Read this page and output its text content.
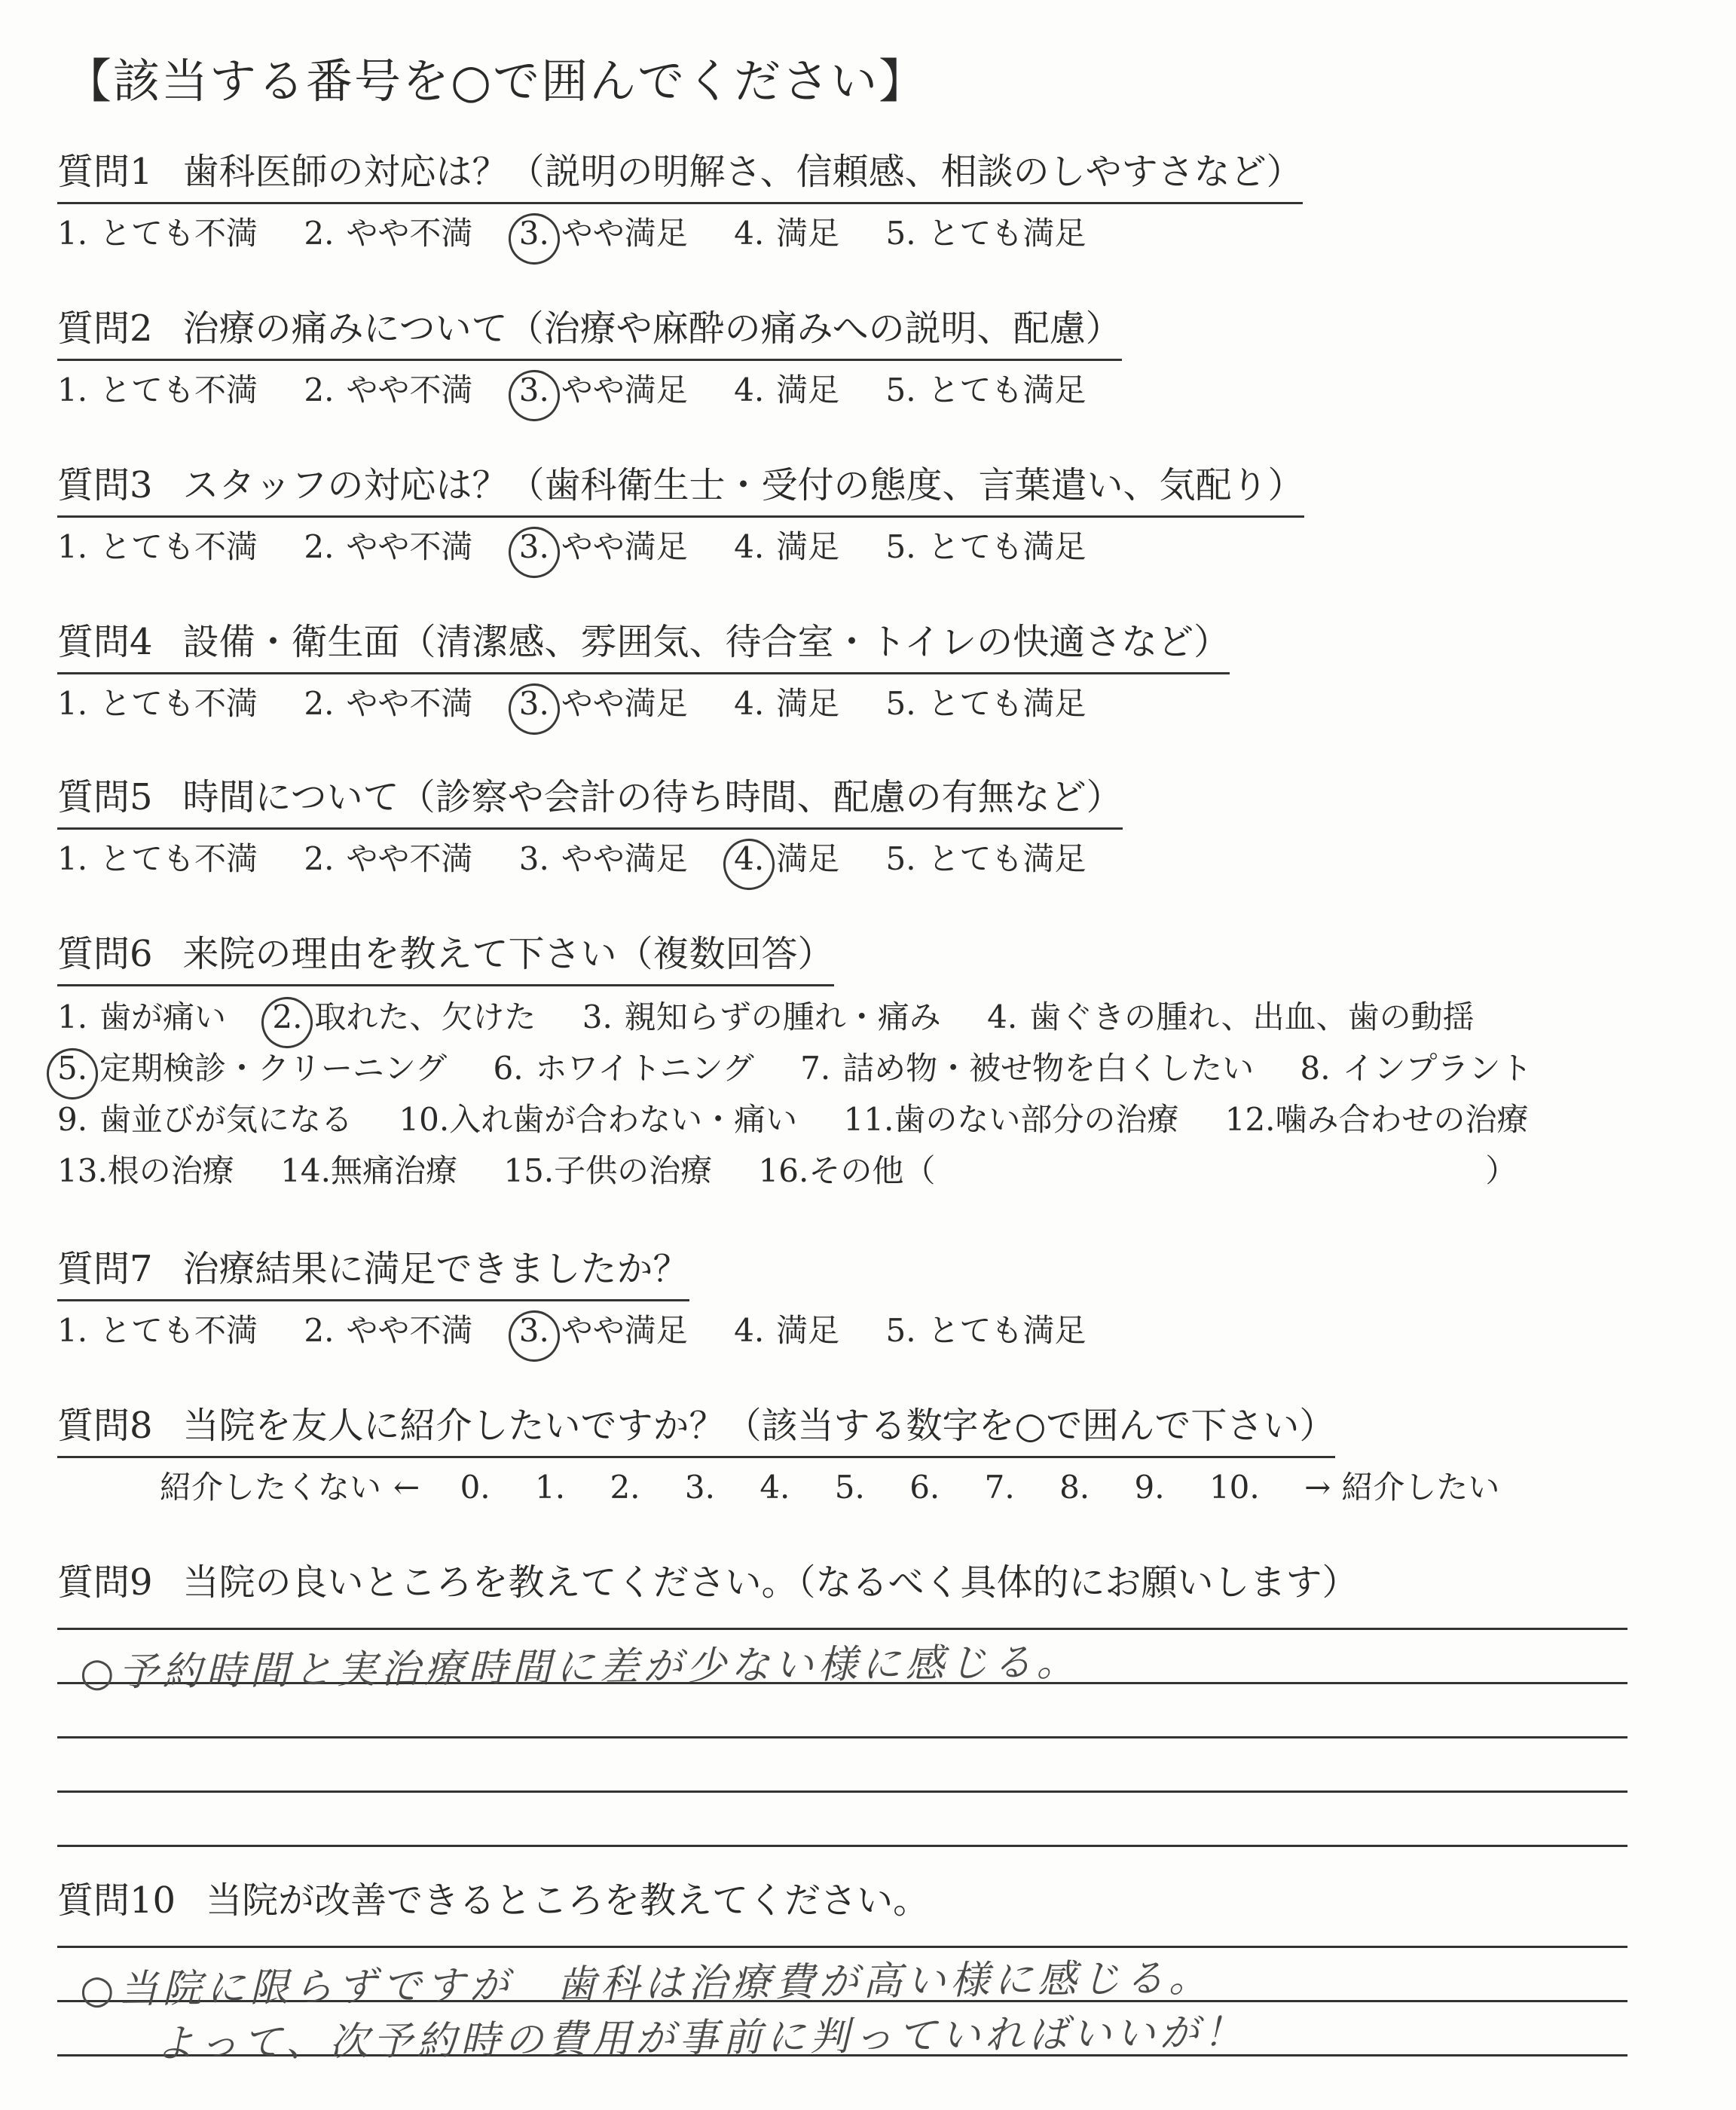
【該当する番号を○で囲んでください】
質問1 歯科医師の対応は？（説明の明解さ、信頼感、相談のしやすさなど）
1. とても不満 2. やや不満 3. やや満足 4. 満足 5. とても満足
質問2 治療の痛みについて（治療や麻酔の痛みへの説明、配慮）
1. とても不満 2. やや不満 3. やや満足 4. 満足 5. とても満足
質問3 スタッフの対応は？（歯科衛生士・受付の態度、言葉遣い、気配り）
1. とても不満 2. やや不満 3. やや満足 4. 満足 5. とても満足
質問4 設備・衛生面（清潔感、雰囲気、待合室・トイレの快適さなど）
1. とても不満 2. やや不満 3. やや満足 4. 満足 5. とても満足
質問5 時間について（診察や会計の待ち時間、配慮の有無など）
1. とても不満 2. やや不満 3. やや満足 4. 満足 5. とても満足
質問6 来院の理由を教えて下さい（複数回答）
1. 歯が痛い 2. 取れた、欠けた 3. 親知らずの腫れ・痛み 4. 歯ぐきの腫れ、出血、歯の動揺
5. 定期検診・クリーニング 6. ホワイトニング 7. 詰め物・被せ物を白くしたい 8. インプラント
9. 歯並びが気になる 10.入れ歯が合わない・痛い 11.歯のない部分の治療 12.噛み合わせの治療
13.根の治療 14.無痛治療 15.子供の治療 16.その他（	）
質問7 治療結果に満足できましたか？
1. とても不満 2. やや不満 3. やや満足 4. 満足 5. とても満足
質問8 当院を友人に紹介したいですか？（該当する数字を○で囲んで下さい）
紹介したくない ← 0. 1. 2. 3. 4. 5. 6. 7. 8. 9. 10. → 紹介したい
質問9 当院の良いところを教えてください。（なるべく具体的にお願いします）
○予約時間と実治療時間に差が少ない様に感じる。
質問10 当院が改善できるところを教えてください。
○当院に限らずですが　歯科は治療費が高い様に感じる。
よって、次予約時の費用が事前に判っていればいいが！
